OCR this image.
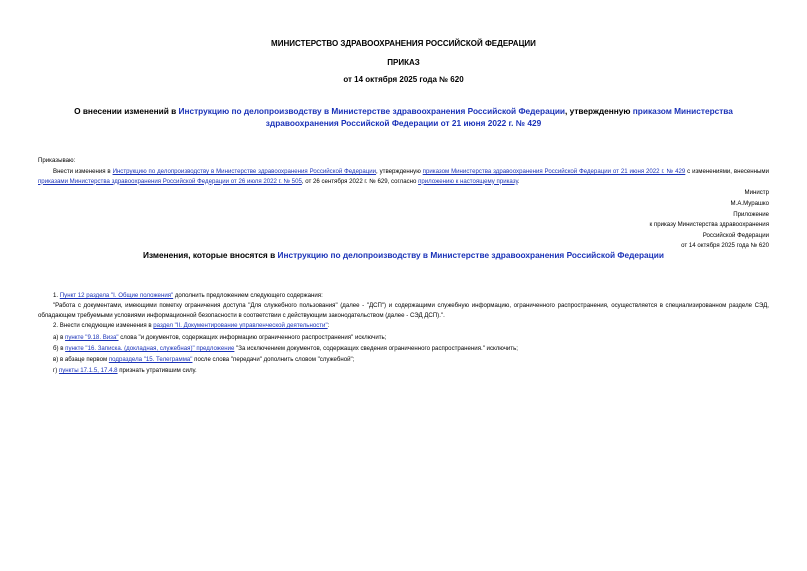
МИНИСТЕРСТВО ЗДРАВООХРАНЕНИЯ РОССИЙСКОЙ ФЕДЕРАЦИИ
ПРИКАЗ
от 14 октября 2025 года № 620
О внесении изменений в Инструкцию по делопроизводству в Министерстве здравоохранения Российской Федерации, утвержденную приказом Министерства здравоохранения Российской Федерации от 21 июня 2022 г. № 429
Приказываю:
Внести изменения в Инструкцию по делопроизводству в Министерстве здравоохранения Российской Федерации, утвержденную приказом Министерства здравоохранения Российской Федерации от 21 июня 2022 г. № 429 с изменениями, внесенными приказами Министерства здравоохранения Российской Федерации от 26 июля 2022 г. № 505, от 26 сентября 2022 г. № 629, согласно приложению к настоящему приказу.
Министр
М.А.Мурашко
Приложение
к приказу Министерства здравоохранения
Российской Федерации
от 14 октября 2025 года № 620
Изменения, которые вносятся в Инструкцию по делопроизводству в Министерстве здравоохранения Российской Федерации
1. Пункт 12 раздела "I. Общие положения" дополнить предложением следующего содержания:
"Работа с документами, имеющими пометку ограничения доступа "Для служебного пользования" (далее - "ДСП") и содержащими служебную информацию, ограниченного распространения, осуществляется в специализированном разделе СЭД, обладающем требуемыми условиями информационной безопасности в соответствии с действующим законодательством (далее - СЭД ДСП).".
2. Внести следующие изменения в раздел "II. Документирование управленческой деятельности":
а) в пункте "9.18. Виза" слова "и документов, содержащих информацию ограниченного распространения" исключить;
б) в пункте "16. Записка. (докладная, служебная)" предложение "За исключением документов, содержащих сведения ограниченного распространения." исключить;
в) в абзаце первом подраздела "15. Телеграмма" после слова "передачи" дополнить словом "служебной";
г) пункты 17.1.5, 17.4.8 признать утратившим силу.
